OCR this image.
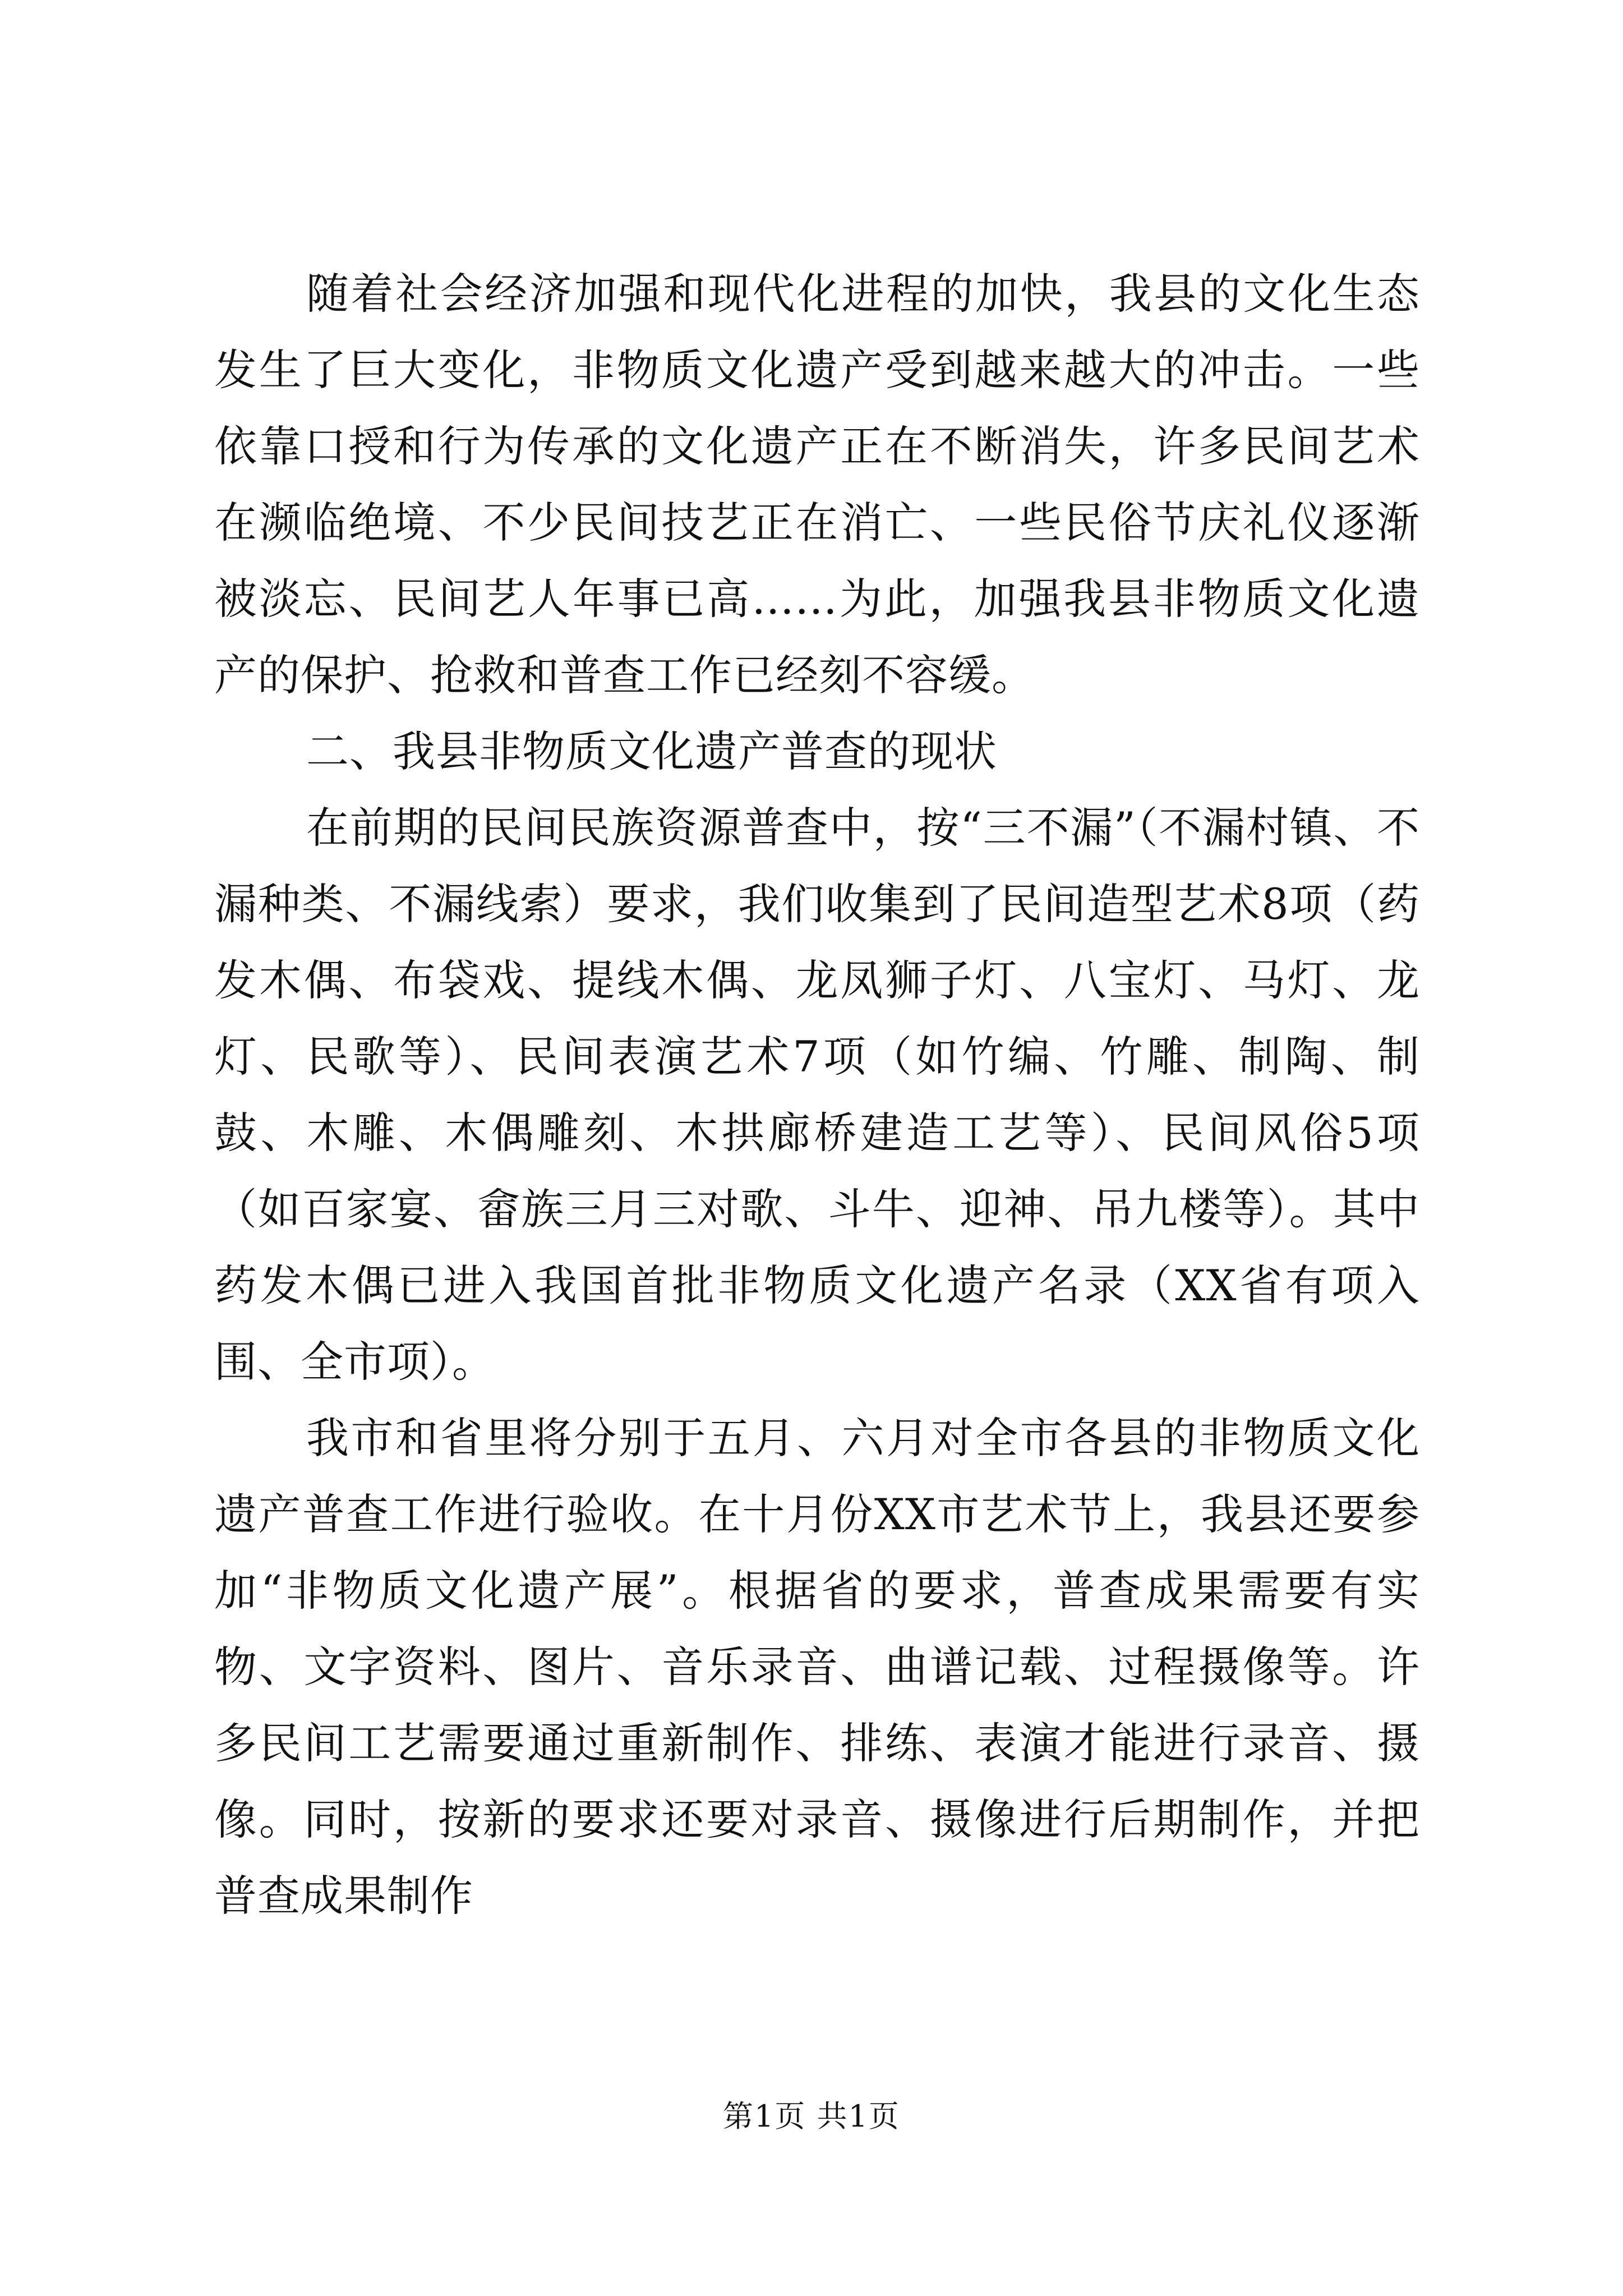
随着社会经济加强和现代化进程的加快，我县的文化生态发生了巨大变化，非物质文化遗产受到越来越大的冲击。一些依靠口授和行为传承的文化遗产正在不断消失，许多民间艺术在濒临绝境、不少民间技艺正在消亡、一些民俗节庆礼仪逐渐被淡忘、民间艺人年事已高……为此，加强我县非物质文化遗产的保护、抢救和普查工作已经刻不容缓。

二、我县非物质文化遗产普查的现状

在前期的民间民族资源普查中，按“三不漏”（不漏村镇、不漏种类、不漏线索）要求，我们收集到了民间造型艺术8项（药发木偶、布袋戏、提线木偶、龙凤狮子灯、八宝灯、马灯、龙灯、民歌等）、民间表演艺术7项（如竹编、竹雕、制陶、制鼓、木雕、木偶雕刻、木拱廊桥建造工艺等）、民间风俗5项（如百家宴、畲族三月三对歌、斗牛、迎神、吊九楼等）。其中药发木偶已进入我国首批非物质文化遗产名录（XX省有项入围、全市项）。

我市和省里将分别于五月、六月对全市各县的非物质文化遗产普查工作进行验收。在十月份XX市艺术节上，我县还要参加“非物质文化遗产展”。根据省的要求，普查成果需要有实物、文字资料、图片、音乐录音、曲谱记载、过程摄像等。许多民间工艺需要通过重新制作、排练、表演才能进行录音、摄像。同时，按新的要求还要对录音、摄像进行后期制作，并把普查成果制作

第1页 共1页
